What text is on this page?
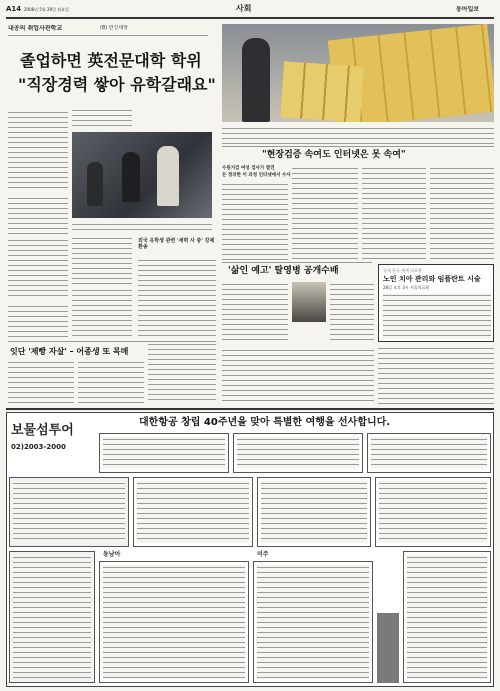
A14 2006년 5월 29일 월요일	사회	동아일보
내공의 취업사관학교	(8) 한신대학
졸업하면 英전문대학 학위
"직장경력 쌓아 유학갈래요"
외국 유학생 관련 '세력 사 중' 강제 환송
"현장검증 속여도 인터넷은 못 속여"
수원지검 여성 검사가 발견
돈 정리한 이 과정 인터넷에서 수사
'삶인 예고' 탈영병 공개수배	국제 한국·세계 의료원
노인 치아 관리와 임플란트 시술
28일 오후 3시 서울의료원
잇단 '제빵 자살' – 어종생 또 목매
보물섬투어
02)2003-2000
대한항공 창립 40주년을 맞아 특별한 여행을 선사합니다.
동남아	미주
